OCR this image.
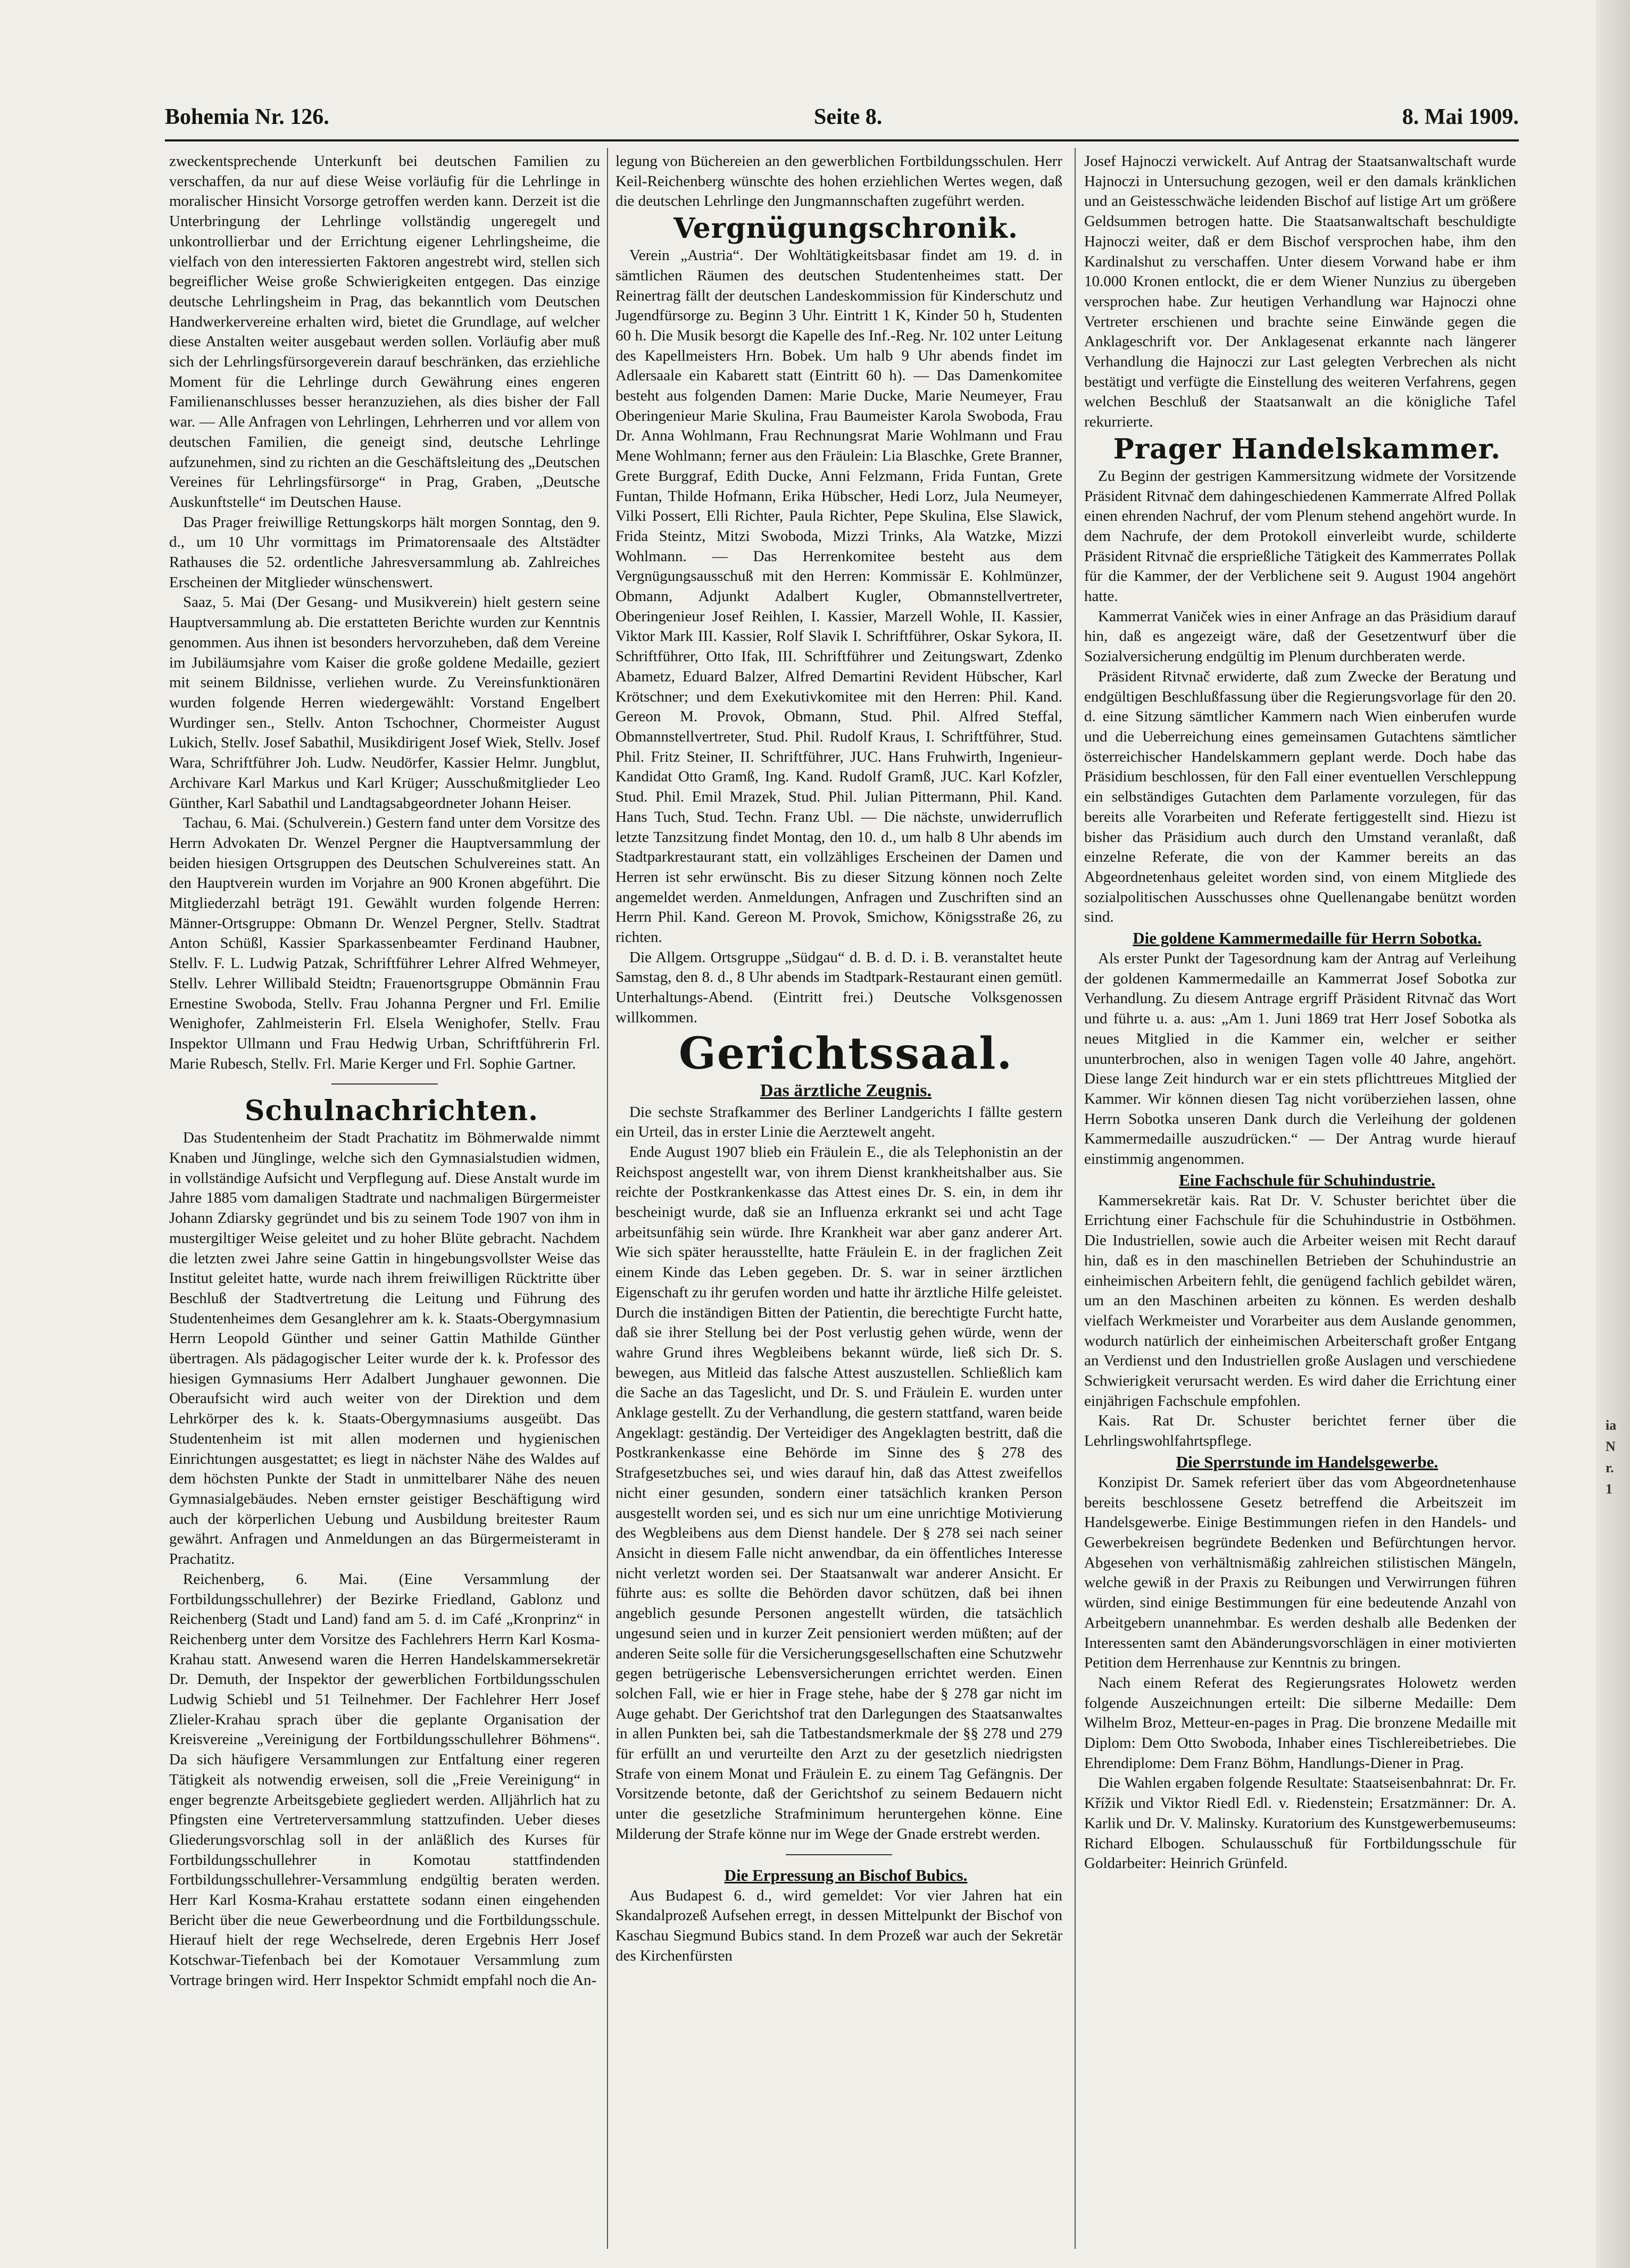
Bohemia Nr. 126.	Seite 8.	8. Mai 1909.

zweckentsprechende Unterkunft bei deutschen Familien zu verschaffen, da nur auf diese Weise vorläufig für die Lehrlinge in moralischer Hinsicht Vorsorge getroffen werden kann. Derzeit ist die Unterbringung der Lehrlinge vollständig ungeregelt und unkontrollierbar und der Errichtung eigener Lehrlingsheime, die vielfach von den interessierten Faktoren angestrebt wird, stellen sich begreiflicher Weise große Schwierigkeiten entgegen. Das einzige deutsche Lehrlingsheim in Prag, das bekanntlich vom Deutschen Handwerkervereine erhalten wird, bietet die Grundlage, auf welcher diese Anstalten weiter ausgebaut werden sollen. Vorläufig aber muß sich der Lehrlingsfürsorgeverein darauf beschränken, das erziehliche Moment für die Lehrlinge durch Gewährung eines engeren Familienanschlusses besser heranzuziehen, als dies bisher der Fall war. — Alle Anfragen von Lehrlingen, Lehrherren und vor allem von deutschen Familien, die geneigt sind, deutsche Lehrlinge aufzunehmen, sind zu richten an die Geschäftsleitung des „Deutschen Vereines für Lehrlingsfürsorge“ in Prag, Graben, „Deutsche Auskunftstelle“ im Deutschen Hause.

Das Prager freiwillige Rettungskorps hält morgen Sonntag, den 9. d., um 10 Uhr vormittags im Primatorensaale des Altstädter Rathauses die 52. ordentliche Jahresversammlung ab. Zahlreiches Erscheinen der Mitglieder wünschenswert.

Saaz, 5. Mai (Der Gesang- und Musikverein) hielt gestern seine Hauptversammlung ab. Die erstatteten Berichte wurden zur Kenntnis genommen. Aus ihnen ist besonders hervorzuheben, daß dem Vereine im Jubiläumsjahre vom Kaiser die große goldene Medaille, geziert mit seinem Bildnisse, verliehen wurde. Zu Vereinsfunktionären wurden folgende Herren wiedergewählt: Vorstand Engelbert Wurdinger sen., Stellv. Anton Tschochner, Chormeister August Lukich, Stellv. Josef Sabathil, Musikdirigent Josef Wiek, Stellv. Josef Wara, Schriftführer Joh. Ludw. Neudörfer, Kassier Helmr. Jungblut, Archivare Karl Markus und Karl Krüger; Ausschußmitglieder Leo Günther, Karl Sabathil und Landtagsabgeordneter Johann Heiser.

Tachau, 6. Mai. (Schulverein.) Gestern fand unter dem Vorsitze des Herrn Advokaten Dr. Wenzel Pergner die Hauptversammlung der beiden hiesigen Ortsgruppen des Deutschen Schulvereines statt. An den Hauptverein wurden im Vorjahre an 900 Kronen abgeführt. Die Mitgliederzahl beträgt 191. Gewählt wurden folgende Herren: Männer-Ortsgruppe: Obmann Dr. Wenzel Pergner, Stellv. Stadtrat Anton Schüßl, Kassier Sparkassenbeamter Ferdinand Haubner, Stellv. F. L. Ludwig Patzak, Schriftführer Lehrer Alfred Wehmeyer, Stellv. Lehrer Willibald Steidtn; Frauenortsgruppe Obmännin Frau Ernestine Swoboda, Stellv. Frau Johanna Pergner und Frl. Emilie Wenighofer, Zahlmeisterin Frl. Elsela Wenighofer, Stellv. Frau Inspektor Ullmann und Frau Hedwig Urban, Schriftführerin Frl. Marie Rubesch, Stellv. Frl. Marie Kerger und Frl. Sophie Gartner.

Schulnachrichten.

Das Studentenheim der Stadt Prachatitz im Böhmerwalde nimmt Knaben und Jünglinge, welche sich den Gymnasialstudien widmen, in vollständige Aufsicht und Verpflegung auf. Diese Anstalt wurde im Jahre 1885 vom damaligen Stadtrate und nachmaligen Bürgermeister Johann Zdiarsky gegründet und bis zu seinem Tode 1907 von ihm in mustergiltiger Weise geleitet und zu hoher Blüte gebracht. Nachdem die letzten zwei Jahre seine Gattin in hingebungsvollster Weise das Institut geleitet hatte, wurde nach ihrem freiwilligen Rücktritte über Beschluß der Stadtvertretung die Leitung und Führung des Studentenheimes dem Gesanglehrer am k. k. Staats-Obergymnasium Herrn Leopold Günther und seiner Gattin Mathilde Günther übertragen. Als pädagogischer Leiter wurde der k. k. Professor des hiesigen Gymnasiums Herr Adalbert Junghauer gewonnen. Die Oberaufsicht wird auch weiter von der Direktion und dem Lehrkörper des k. k. Staats-Obergymnasiums ausgeübt. Das Studentenheim ist mit allen modernen und hygienischen Einrichtungen ausgestattet; es liegt in nächster Nähe des Waldes auf dem höchsten Punkte der Stadt in unmittelbarer Nähe des neuen Gymnasialgebäudes. Neben ernster geistiger Beschäftigung wird auch der körperlichen Uebung und Ausbildung breitester Raum gewährt. Anfragen und Anmeldungen an das Bürgermeisteramt in Prachatitz.

Reichenberg, 6. Mai. (Eine Versammlung der Fortbildungsschullehrer) der Bezirke Friedland, Gablonz und Reichenberg (Stadt und Land) fand am 5. d. im Café „Kronprinz“ in Reichenberg unter dem Vorsitze des Fachlehrers Herrn Karl Kosma-Krahau statt. Anwesend waren die Herren Handelskammersekretär Dr. Demuth, der Inspektor der gewerblichen Fortbildungsschulen Ludwig Schiebl und 51 Teilnehmer. Der Fachlehrer Herr Josef Zlieler-Krahau sprach über die geplante Organisation der Kreisvereine „Vereinigung der Fortbildungsschullehrer Böhmens“. Da sich häufigere Versammlungen zur Entfaltung einer regeren Tätigkeit als notwendig erweisen, soll die „Freie Vereinigung“ in enger begrenzte Arbeitsgebiete gegliedert werden. Alljährlich hat zu Pfingsten eine Vertreterversammlung stattzufinden. Ueber dieses Gliederungsvorschlag soll in der anläßlich des Kurses für Fortbildungsschullehrer in Komotau stattfindenden Fortbildungsschullehrer-Versammlung endgültig beraten werden. Herr Karl Kosma-Krahau erstattete sodann einen eingehenden Bericht über die neue Gewerbeordnung und die Fortbildungsschule. Hierauf hielt der rege Wechselrede, deren Ergebnis Herr Josef Kotschwar-Tiefenbach bei der Komotauer Versammlung zum Vortrage bringen wird. Herr Inspektor Schmidt empfahl noch die An-

legung von Büchereien an den gewerblichen Fortbildungsschulen. Herr Keil-Reichenberg wünschte des hohen erziehlichen Wertes wegen, daß die deutschen Lehrlinge den Jungmannschaften zugeführt werden.

Vergnügungschronik.

Verein „Austria“. Der Wohltätigkeitsbasar findet am 19. d. in sämtlichen Räumen des deutschen Studentenheimes statt. Der Reinertrag fällt der deutschen Landeskommission für Kinderschutz und Jugendfürsorge zu. Beginn 3 Uhr. Eintritt 1 K, Kinder 50 h, Studenten 60 h. Die Musik besorgt die Kapelle des Inf.-Reg. Nr. 102 unter Leitung des Kapellmeisters Hrn. Bobek. Um halb 9 Uhr abends findet im Adlersaale ein Kabarett statt (Eintritt 60 h). — Das Damenkomitee besteht aus folgenden Damen: Marie Ducke, Marie Neumeyer, Frau Oberingenieur Marie Skulina, Frau Baumeister Karola Swoboda, Frau Dr. Anna Wohlmann, Frau Rechnungsrat Marie Wohlmann und Frau Mene Wohlmann; ferner aus den Fräulein: Lia Blaschke, Grete Branner, Grete Burggraf, Edith Ducke, Anni Felzmann, Frida Funtan, Grete Funtan, Thilde Hofmann, Erika Hübscher, Hedi Lorz, Jula Neumeyer, Vilki Possert, Elli Richter, Paula Richter, Pepe Skulina, Else Slawick, Frida Steintz, Mitzi Swoboda, Mizzi Trinks, Ala Watzke, Mizzi Wohlmann. — Das Herrenkomitee besteht aus dem Vergnügungsausschuß mit den Herren: Kommissär E. Kohlmünzer, Obmann, Adjunkt Adalbert Kugler, Obmannstellvertreter, Oberingenieur Josef Reihlen, I. Kassier, Marzell Wohle, II. Kassier, Viktor Mark III. Kassier, Rolf Slavik I. Schriftführer, Oskar Sykora, II. Schriftführer, Otto Ifak, III. Schriftführer und Zeitungswart, Zdenko Abametz, Eduard Balzer, Alfred Demartini Revident Hübscher, Karl Krötschner; und dem Exekutivkomitee mit den Herren: Phil. Kand. Gereon M. Provok, Obmann, Stud. Phil. Alfred Steffal, Obmannstellvertreter, Stud. Phil. Rudolf Kraus, I. Schriftführer, Stud. Phil. Fritz Steiner, II. Schriftführer, JUC. Hans Fruhwirth, Ingenieur-Kandidat Otto Gramß, Ing. Kand. Rudolf Gramß, JUC. Karl Kofzler, Stud. Phil. Emil Mrazek, Stud. Phil. Julian Pittermann, Phil. Kand. Hans Tuch, Stud. Techn. Franz Ubl. — Die nächste, unwiderruflich letzte Tanzsitzung findet Montag, den 10. d., um halb 8 Uhr abends im Stadtparkrestaurant statt, ein vollzähliges Erscheinen der Damen und Herren ist sehr erwünscht. Bis zu dieser Sitzung können noch Zelte angemeldet werden. Anmeldungen, Anfragen und Zuschriften sind an Herrn Phil. Kand. Gereon M. Provok, Smichow, Königsstraße 26, zu richten.

Die Allgem. Ortsgruppe „Südgau“ d. B. d. D. i. B. veranstaltet heute Samstag, den 8. d., 8 Uhr abends im Stadtpark-Restaurant einen gemütl. Unterhaltungs-Abend. (Eintritt frei.) Deutsche Volksgenossen willkommen.

Gerichtssaal.

Das ärztliche Zeugnis.

Die sechste Strafkammer des Berliner Landgerichts I fällte gestern ein Urteil, das in erster Linie die Aerztewelt angeht.

Ende August 1907 blieb ein Fräulein E., die als Telephonistin an der Reichspost angestellt war, von ihrem Dienst krankheitshalber aus. Sie reichte der Postkrankenkasse das Attest eines Dr. S. ein, in dem ihr bescheinigt wurde, daß sie an Influenza erkrankt sei und acht Tage arbeitsunfähig sein würde. Ihre Krankheit war aber ganz anderer Art. Wie sich später herausstellte, hatte Fräulein E. in der fraglichen Zeit einem Kinde das Leben gegeben. Dr. S. war in seiner ärztlichen Eigenschaft zu ihr gerufen worden und hatte ihr ärztliche Hilfe geleistet. Durch die inständigen Bitten der Patientin, die berechtigte Furcht hatte, daß sie ihrer Stellung bei der Post verlustig gehen würde, wenn der wahre Grund ihres Wegbleibens bekannt würde, ließ sich Dr. S. bewegen, aus Mitleid das falsche Attest auszustellen. Schließlich kam die Sache an das Tageslicht, und Dr. S. und Fräulein E. wurden unter Anklage gestellt. Zu der Verhandlung, die gestern stattfand, waren beide Angeklagt: geständig. Der Verteidiger des Angeklagten bestritt, daß die Postkrankenkasse eine Behörde im Sinne des § 278 des Strafgesetzbuches sei, und wies darauf hin, daß das Attest zweifellos nicht einer gesunden, sondern einer tatsächlich kranken Person ausgestellt worden sei, und es sich nur um eine unrichtige Motivierung des Wegbleibens aus dem Dienst handele. Der § 278 sei nach seiner Ansicht in diesem Falle nicht anwendbar, da ein öffentliches Interesse nicht verletzt worden sei. Der Staatsanwalt war anderer Ansicht. Er führte aus: es sollte die Behörden davor schützen, daß bei ihnen angeblich gesunde Personen angestellt würden, die tatsächlich ungesund seien und in kurzer Zeit pensioniert werden müßten; auf der anderen Seite solle für die Versicherungsgesellschaften eine Schutzwehr gegen betrügerische Lebensversicherungen errichtet werden. Einen solchen Fall, wie er hier in Frage stehe, habe der § 278 gar nicht im Auge gehabt. Der Gerichtshof trat den Darlegungen des Staatsanwaltes in allen Punkten bei, sah die Tatbestandsmerkmale der §§ 278 und 279 für erfüllt an und verurteilte den Arzt zu der gesetzlich niedrigsten Strafe von einem Monat und Fräulein E. zu einem Tag Gefängnis. Der Vorsitzende betonte, daß der Gerichtshof zu seinem Bedauern nicht unter die gesetzliche Strafminimum heruntergehen könne. Eine Milderung der Strafe könne nur im Wege der Gnade erstrebt werden.

Die Erpressung an Bischof Bubics.

Aus Budapest 6. d., wird gemeldet: Vor vier Jahren hat ein Skandalprozeß Aufsehen erregt, in dessen Mittelpunkt der Bischof von Kaschau Siegmund Bubics stand. In dem Prozeß war auch der Sekretär des Kirchenfürsten

Josef Hajnoczi verwickelt. Auf Antrag der Staatsanwaltschaft wurde Hajnoczi in Untersuchung gezogen, weil er den damals kränklichen und an Geistesschwäche leidenden Bischof auf listige Art um größere Geldsummen betrogen hatte. Die Staatsanwaltschaft beschuldigte Hajnoczi weiter, daß er dem Bischof versprochen habe, ihm den Kardinalshut zu verschaffen. Unter diesem Vorwand habe er ihm 10.000 Kronen entlockt, die er dem Wiener Nunzius zu übergeben versprochen habe. Zur heutigen Verhandlung war Hajnoczi ohne Vertreter erschienen und brachte seine Einwände gegen die Anklageschrift vor. Der Anklagesenat erkannte nach längerer Verhandlung die Hajnoczi zur Last gelegten Verbrechen als nicht bestätigt und verfügte die Einstellung des weiteren Verfahrens, gegen welchen Beschluß der Staatsanwalt an die königliche Tafel rekurrierte.

Prager Handelskammer.

Zu Beginn der gestrigen Kammersitzung widmete der Vorsitzende Präsident Ritvnač dem dahingeschiedenen Kammerrate Alfred Pollak einen ehrenden Nachruf, der vom Plenum stehend angehört wurde. In dem Nachrufe, der dem Protokoll einverleibt wurde, schilderte Präsident Ritvnač die ersprießliche Tätigkeit des Kammerrates Pollak für die Kammer, der der Verblichene seit 9. August 1904 angehört hatte.

Kammerrat Vaniček wies in einer Anfrage an das Präsidium darauf hin, daß es angezeigt wäre, daß der Gesetzentwurf über die Sozialversicherung endgültig im Plenum durchberaten werde.

Präsident Ritvnač erwiderte, daß zum Zwecke der Beratung und endgültigen Beschlußfassung über die Regierungsvorlage für den 20. d. eine Sitzung sämtlicher Kammern nach Wien einberufen wurde und die Ueberreichung eines gemeinsamen Gutachtens sämtlicher österreichischer Handelskammern geplant werde. Doch habe das Präsidium beschlossen, für den Fall einer eventuellen Verschleppung ein selbständiges Gutachten dem Parlamente vorzulegen, für das bereits alle Vorarbeiten und Referate fertiggestellt sind. Hiezu ist bisher das Präsidium auch durch den Umstand veranlaßt, daß einzelne Referate, die von der Kammer bereits an das Abgeordnetenhaus geleitet worden sind, von einem Mitgliede des sozialpolitischen Ausschusses ohne Quellenangabe benützt worden sind.

Die goldene Kammermedaille für Herrn Sobotka.

Als erster Punkt der Tagesordnung kam der Antrag auf Verleihung der goldenen Kammermedaille an Kammerrat Josef Sobotka zur Verhandlung. Zu diesem Antrage ergriff Präsident Ritvnač das Wort und führte u. a. aus: „Am 1. Juni 1869 trat Herr Josef Sobotka als neues Mitglied in die Kammer ein, welcher er seither ununterbrochen, also in wenigen Tagen volle 40 Jahre, angehört. Diese lange Zeit hindurch war er ein stets pflichttreues Mitglied der Kammer. Wir können diesen Tag nicht vorüberziehen lassen, ohne Herrn Sobotka unseren Dank durch die Verleihung der goldenen Kammermedaille auszudrücken.“ — Der Antrag wurde hierauf einstimmig angenommen.

Eine Fachschule für Schuhindustrie.

Kammersekretär kais. Rat Dr. V. Schuster berichtet über die Errichtung einer Fachschule für die Schuhindustrie in Ostböhmen. Die Industriellen, sowie auch die Arbeiter weisen mit Recht darauf hin, daß es in den maschinellen Betrieben der Schuhindustrie an einheimischen Arbeitern fehlt, die genügend fachlich gebildet wären, um an den Maschinen arbeiten zu können. Es werden deshalb vielfach Werkmeister und Vorarbeiter aus dem Auslande genommen, wodurch natürlich der einheimischen Arbeiterschaft großer Entgang an Verdienst und den Industriellen große Auslagen und verschiedene Schwierigkeit verursacht werden. Es wird daher die Errichtung einer einjährigen Fachschule empfohlen.

Kais. Rat Dr. Schuster berichtet ferner über die Lehrlingswohlfahrtspflege.

Die Sperrstunde im Handelsgewerbe.

Konzipist Dr. Samek referiert über das vom Abgeordnetenhause bereits beschlossene Gesetz betreffend die Arbeitszeit im Handelsgewerbe. Einige Bestimmungen riefen in den Handels- und Gewerbekreisen begründete Bedenken und Befürchtungen hervor. Abgesehen von verhältnismäßig zahlreichen stilistischen Mängeln, welche gewiß in der Praxis zu Reibungen und Verwirrungen führen würden, sind einige Bestimmungen für eine bedeutende Anzahl von Arbeitgebern unannehmbar. Es werden deshalb alle Bedenken der Interessenten samt den Abänderungsvorschlägen in einer motivierten Petition dem Herrenhause zur Kenntnis zu bringen.

Nach einem Referat des Regierungsrates Holowetz werden folgende Auszeichnungen erteilt: Die silberne Medaille: Dem Wilhelm Broz, Metteur-en-pages in Prag. Die bronzene Medaille mit Diplom: Dem Otto Swoboda, Inhaber eines Tischlereibetriebes. Die Ehrendiplome: Dem Franz Böhm, Handlungs-Diener in Prag.

Die Wahlen ergaben folgende Resultate: Staatseisenbahnrat: Dr. Fr. Křížik und Viktor Riedl Edl. v. Riedenstein; Ersatzmänner: Dr. A. Karlik und Dr. V. Malinsky. Kuratorium des Kunstgewerbemuseums: Richard Elbogen. Schulausschuß für Fortbildungsschule für Goldarbeiter: Heinrich Grünfeld.

ia Nr. 1
